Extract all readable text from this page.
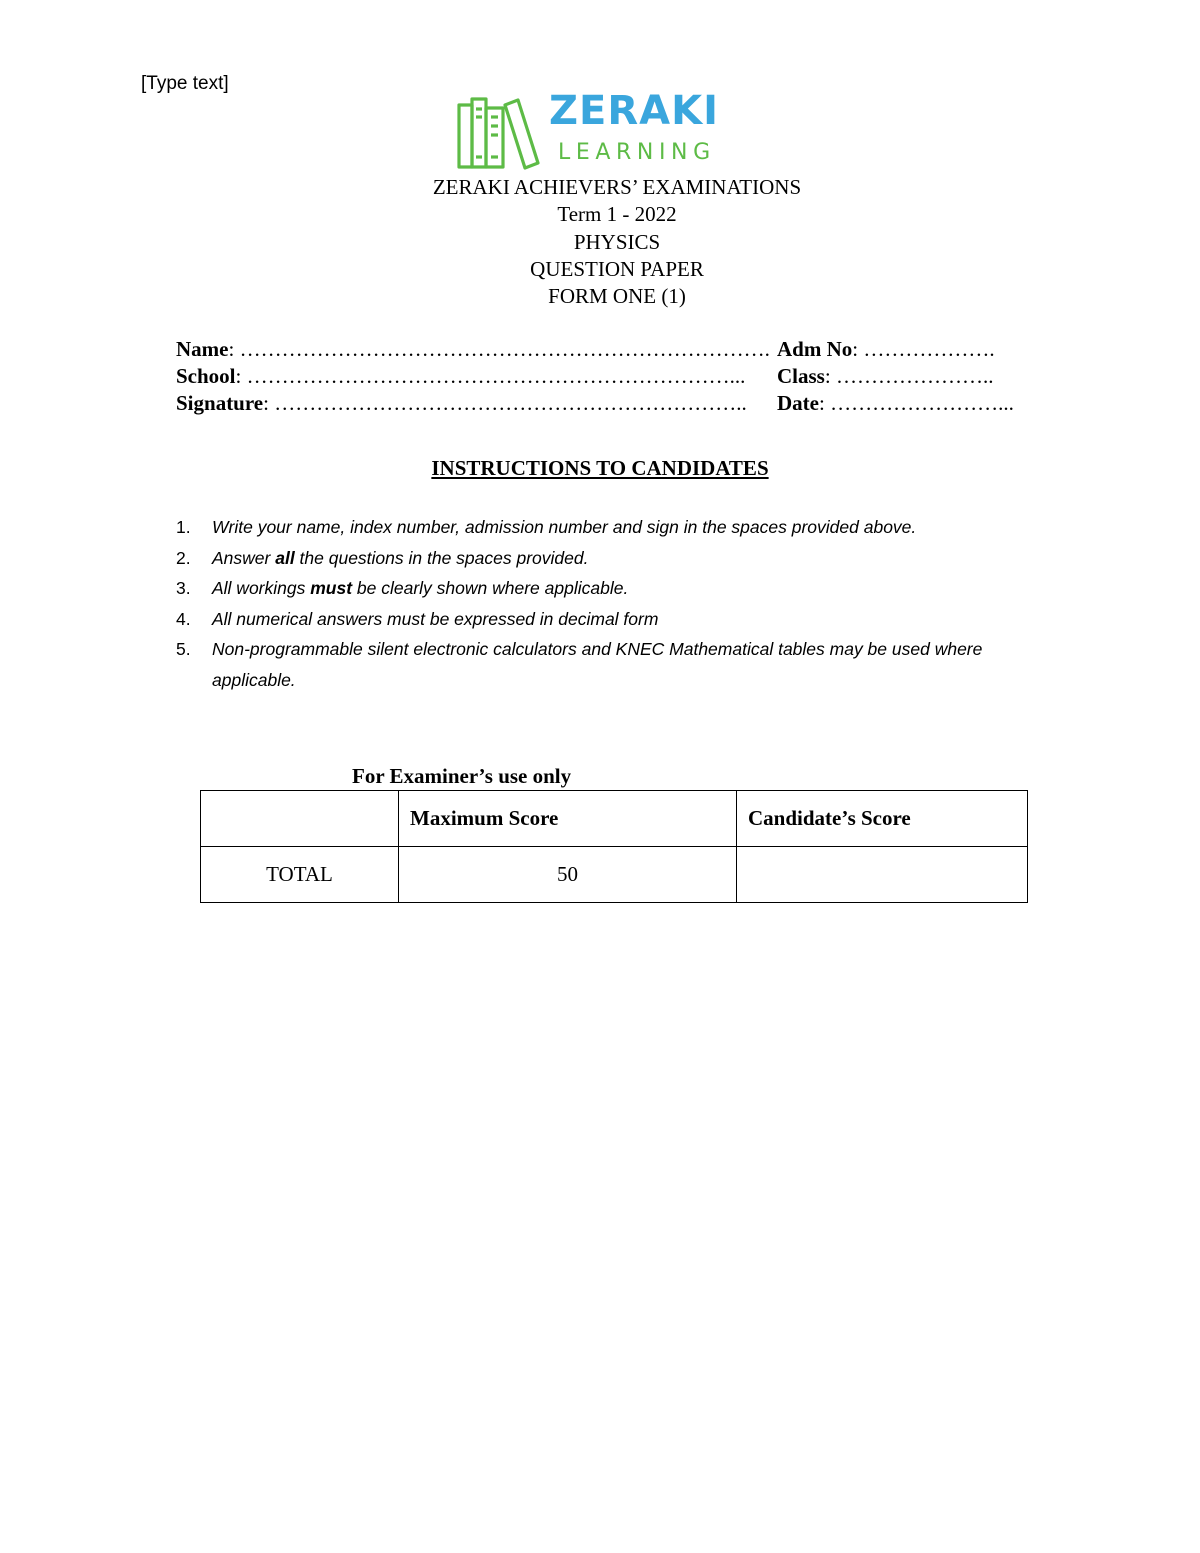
[Type text]
ZERAKI
LEARNING
ZERAKI ACHIEVERS’ EXAMINATIONS
Term 1 - 2022
PHYSICS
QUESTION PAPER
FORM ONE (1)
Name: …………………………………………………………………. Adm No: ……………….
School: ……………………………………………………………... Class: …………………..
Signature: ………………………………………………………….. Date: ……………………...
INSTRUCTIONS TO CANDIDATES
1. Write your name, index number, admission number and sign in the spaces provided above.
2. Answer all the questions in the spaces provided.
3. All workings must be clearly shown where applicable.
4. All numerical answers must be expressed in decimal form
5. Non-programmable silent electronic calculators and KNEC Mathematical tables may be used where applicable.
For Examiner’s use only
	Maximum Score	Candidate’s Score
TOTAL	50	
